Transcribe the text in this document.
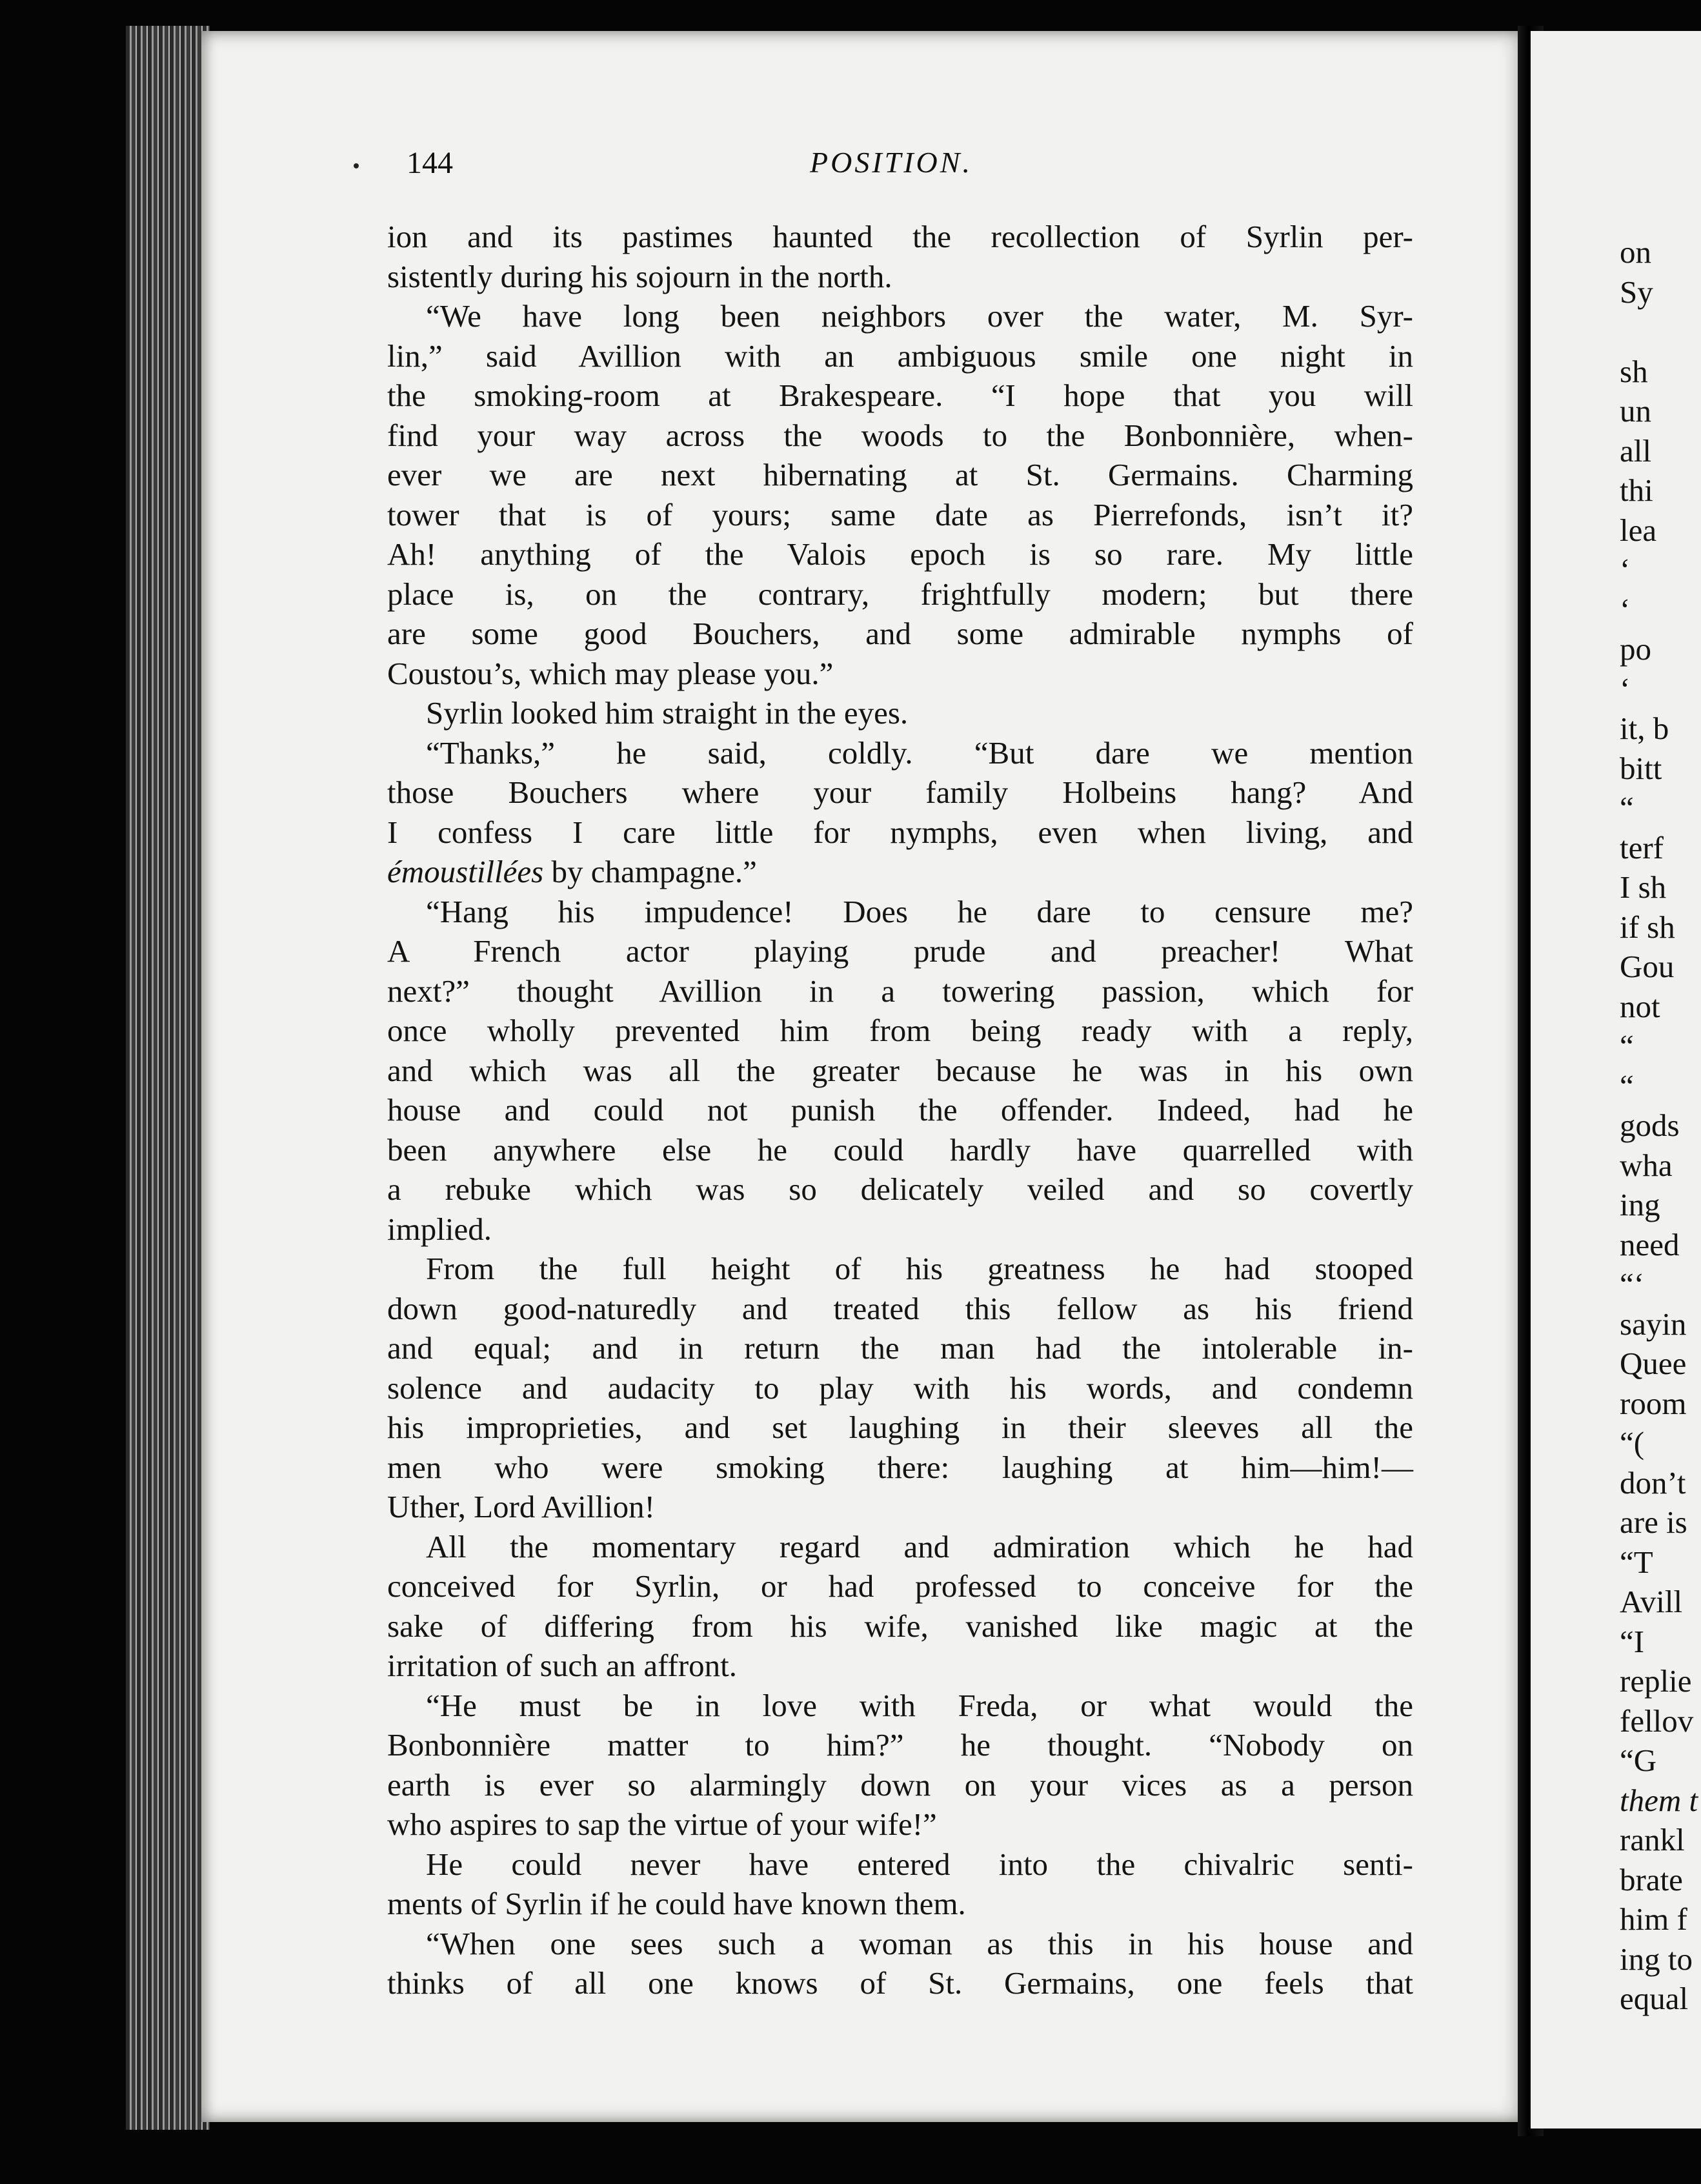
144	POSITION.
ion and its pastimes haunted the recollection of Syrlin per-
sistently during his sojourn in the north.
“We have long been neighbors over the water, M. Syr-
lin,” said Avillion with an ambiguous smile one night in
the smoking-room at Brakespeare. “I hope that you will
find your way across the woods to the Bonbonnière, when-
ever we are next hibernating at St. Germains. Charming
tower that is of yours; same date as Pierrefonds, isn’t it?
Ah! anything of the Valois epoch is so rare. My little
place is, on the contrary, frightfully modern; but there
are some good Bouchers, and some admirable nymphs of
Coustou’s, which may please you.”
Syrlin looked him straight in the eyes.
“Thanks,” he said, coldly. “But dare we mention
those Bouchers where your family Holbeins hang? And
I confess I care little for nymphs, even when living, and
émoustillées by champagne.”
“Hang his impudence! Does he dare to censure me?
A French actor playing prude and preacher! What
next?” thought Avillion in a towering passion, which for
once wholly prevented him from being ready with a reply,
and which was all the greater because he was in his own
house and could not punish the offender. Indeed, had he
been anywhere else he could hardly have quarrelled with
a rebuke which was so delicately veiled and so covertly
implied.
From the full height of his greatness he had stooped
down good-naturedly and treated this fellow as his friend
and equal; and in return the man had the intolerable in-
solence and audacity to play with his words, and condemn
his improprieties, and set laughing in their sleeves all the
men who were smoking there: laughing at him—him!—
Uther, Lord Avillion!
All the momentary regard and admiration which he had
conceived for Syrlin, or had professed to conceive for the
sake of differing from his wife, vanished like magic at the
irritation of such an affront.
“He must be in love with Freda, or what would the
Bonbonnière matter to him?” he thought. “Nobody on
earth is ever so alarmingly down on your vices as a person
who aspires to sap the virtue of your wife!”
He could never have entered into the chivalric senti-
ments of Syrlin if he could have known them.
“When one sees such a woman as this in his house and
thinks of all one knows of St. Germains, one feels that
on
Sy

sh
un
all
thi
lea
‘
‘
po
‘
it, b
bitt
“
terf
I sh
if sh
Gou
not
“
“
gods
wha
ing
need
“‘
sayin
Quee
room
“(
don’t
are is
“T
Avill
“I
replie
fellov
“G
them t
rankl
brate
him f
ing to
equal
